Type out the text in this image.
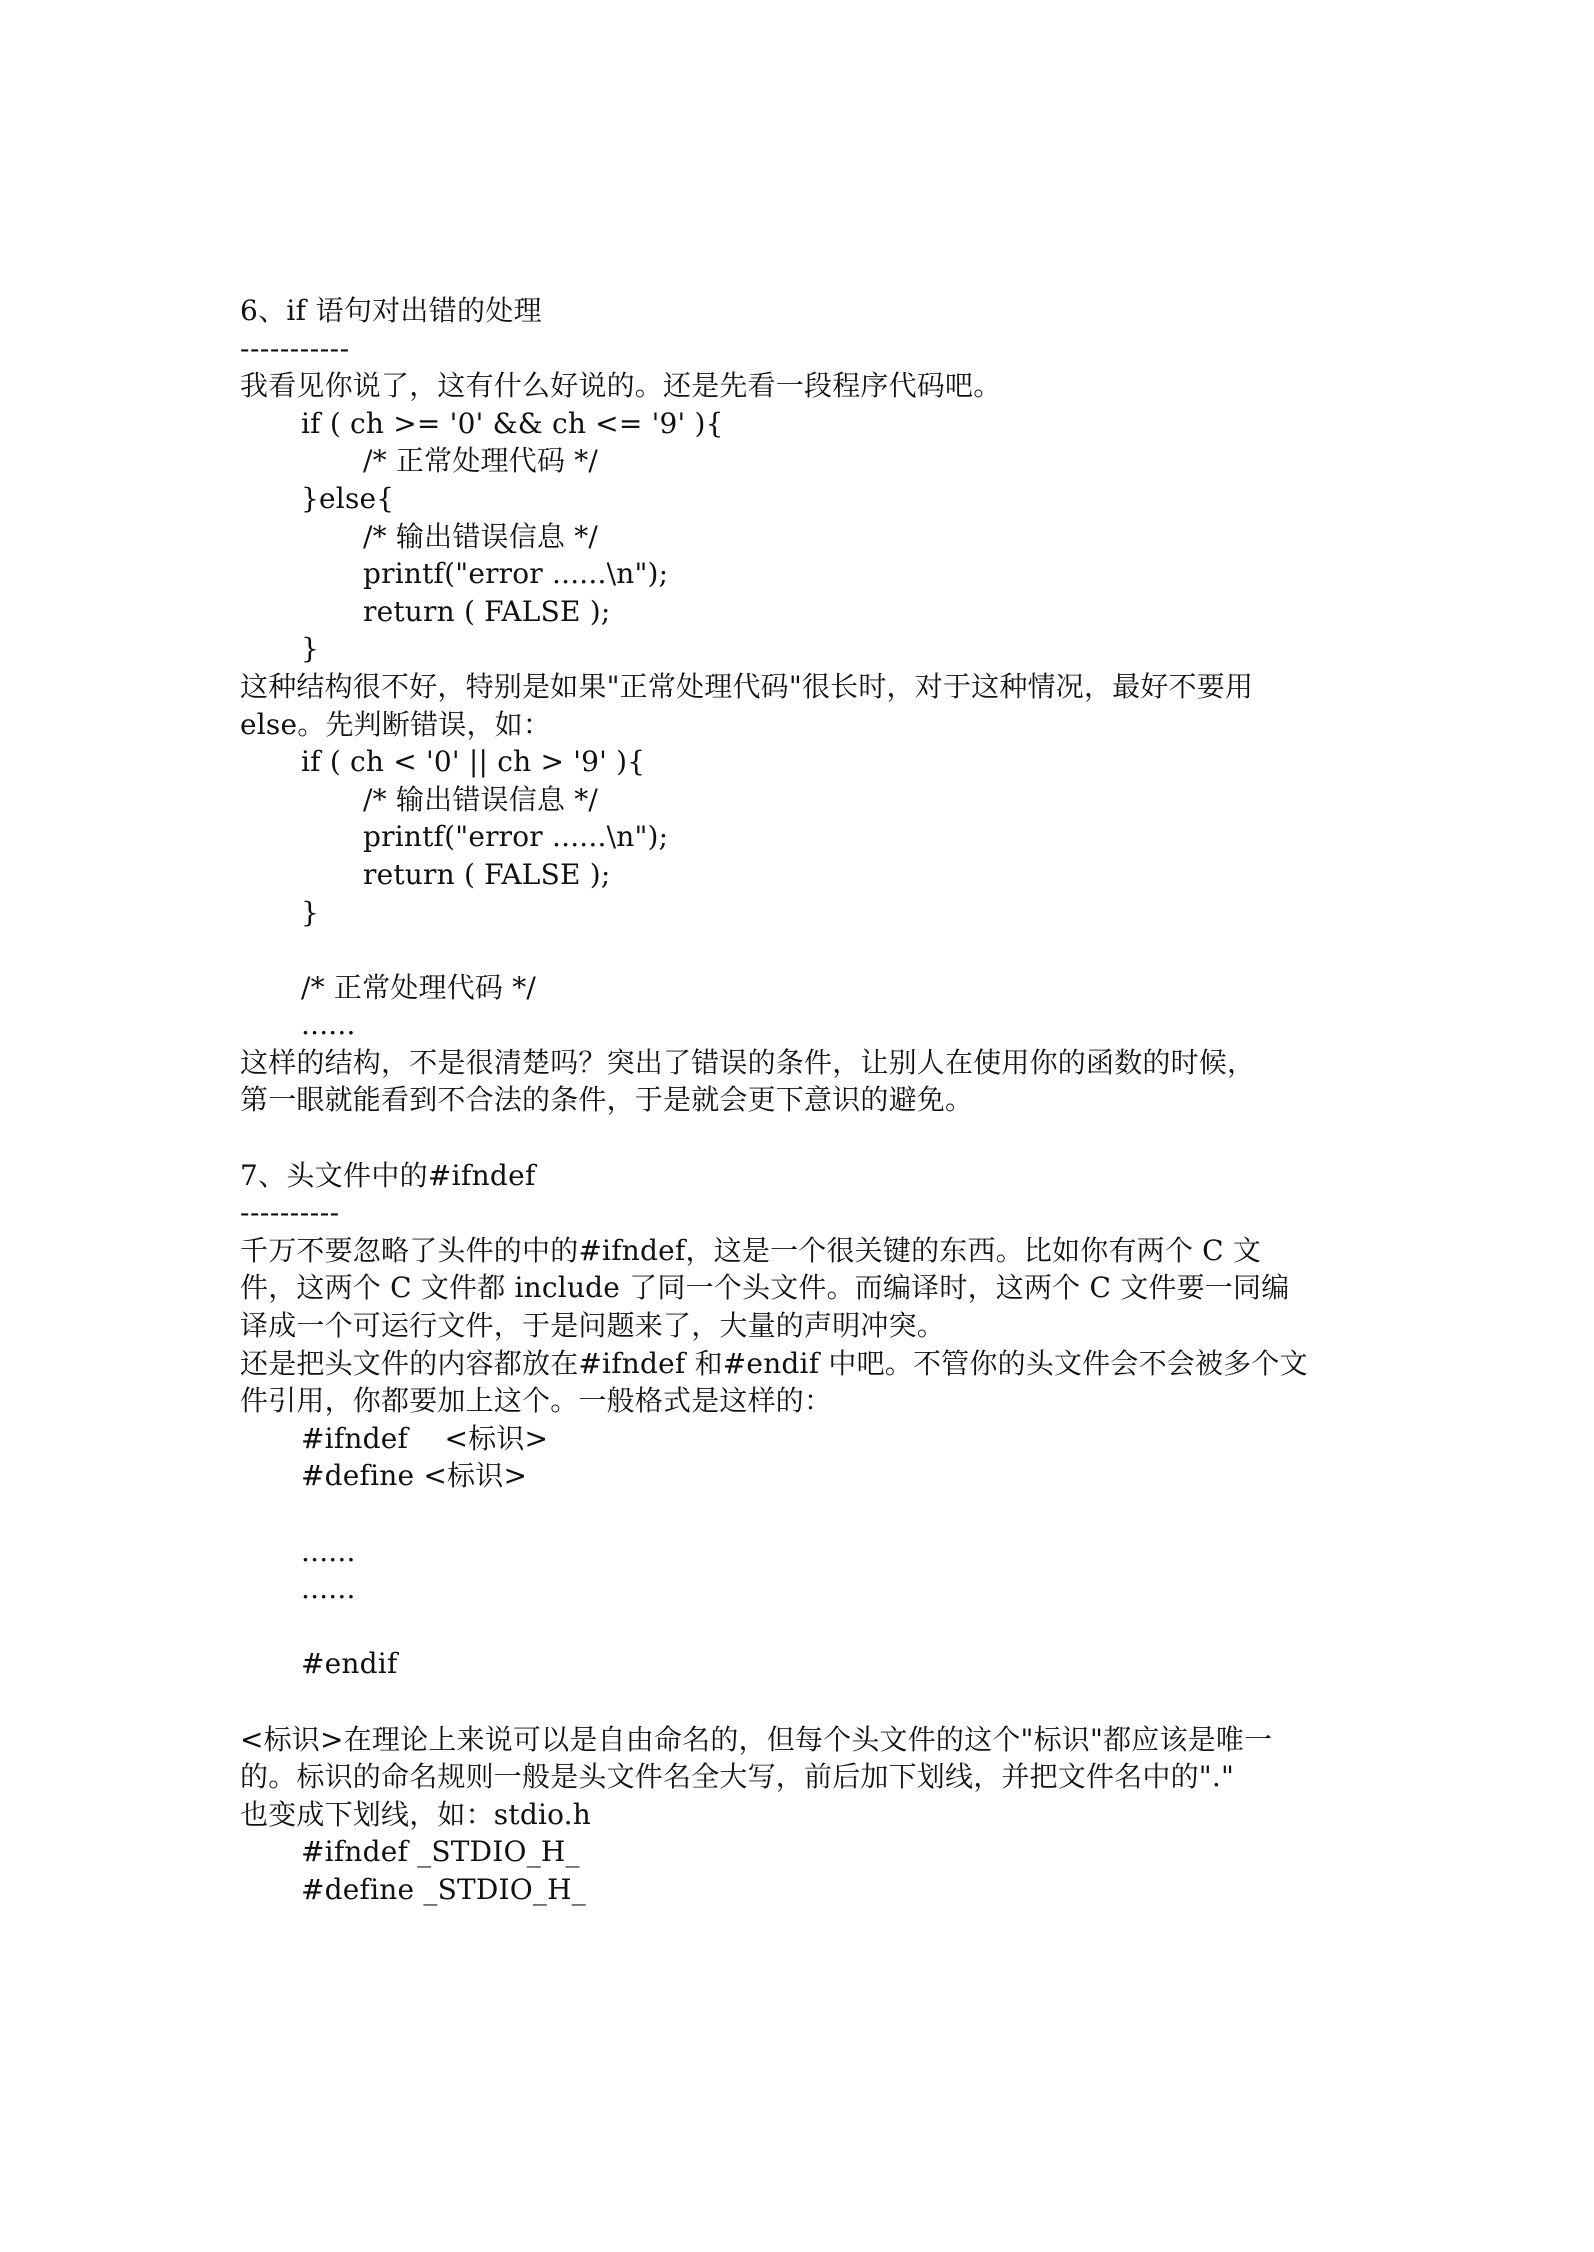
6、if 语句对出错的处理
-----------
我看见你说了，这有什么好说的。还是先看一段程序代码吧。
if ( ch >= '0' && ch <= '9' ){
/* 正常处理代码 */
}else{
/* 输出错误信息 */
printf("error ......\n");
return ( FALSE );
}
这种结构很不好，特别是如果"正常处理代码"很长时，对于这种情况，最好不要用
else。先判断错误，如：
if ( ch < '0' || ch > '9' ){
/* 输出错误信息 */
printf("error ......\n");
return ( FALSE );
}
/* 正常处理代码 */
......
这样的结构，不是很清楚吗？突出了错误的条件，让别人在使用你的函数的时候，
第一眼就能看到不合法的条件，于是就会更下意识的避免。
7、头文件中的#ifndef
----------
千万不要忽略了头件的中的#ifndef，这是一个很关键的东西。比如你有两个 C 文
件，这两个 C 文件都 include 了同一个头文件。而编译时，这两个 C 文件要一同编
译成一个可运行文件，于是问题来了，大量的声明冲突。
还是把头文件的内容都放在#ifndef 和#endif 中吧。不管你的头文件会不会被多个文
件引用，你都要加上这个。一般格式是这样的：
#ifndef    <标识>
#define <标识>
......
......
#endif
<标识>在理论上来说可以是自由命名的，但每个头文件的这个"标识"都应该是唯一
的。标识的命名规则一般是头文件名全大写，前后加下划线，并把文件名中的"."
也变成下划线，如：stdio.h
#ifndef _STDIO_H_
#define _STDIO_H_
